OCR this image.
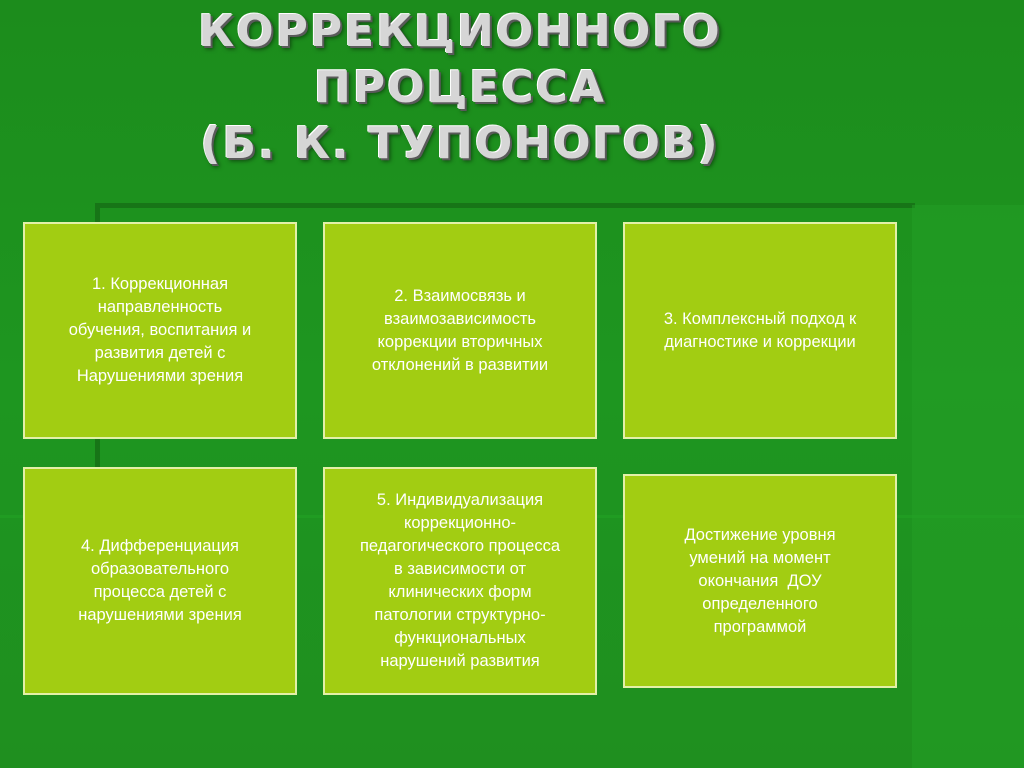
КОРРЕКЦИОННОГО
ПРОЦЕССА
(Б. К. ТУПОНОГОВ)
1. Коррекционная
направленность
обучения, воспитания и
развития детей с
Нарушениями зрения
2. Взаимосвязь и
взаимозависимость
коррекции вторичных
отклонений в развитии
3. Комплексный подход к
диагностике и коррекции
4. Дифференциация
образовательного
процесса детей с
нарушениями зрения
5. Индивидуализация
коррекционно-
педагогического процесса
в зависимости от
клинических форм
патологии структурно-
функциональных
нарушений развития
Достижение уровня
умений на момент
окончания  ДОУ
определенного
программой
